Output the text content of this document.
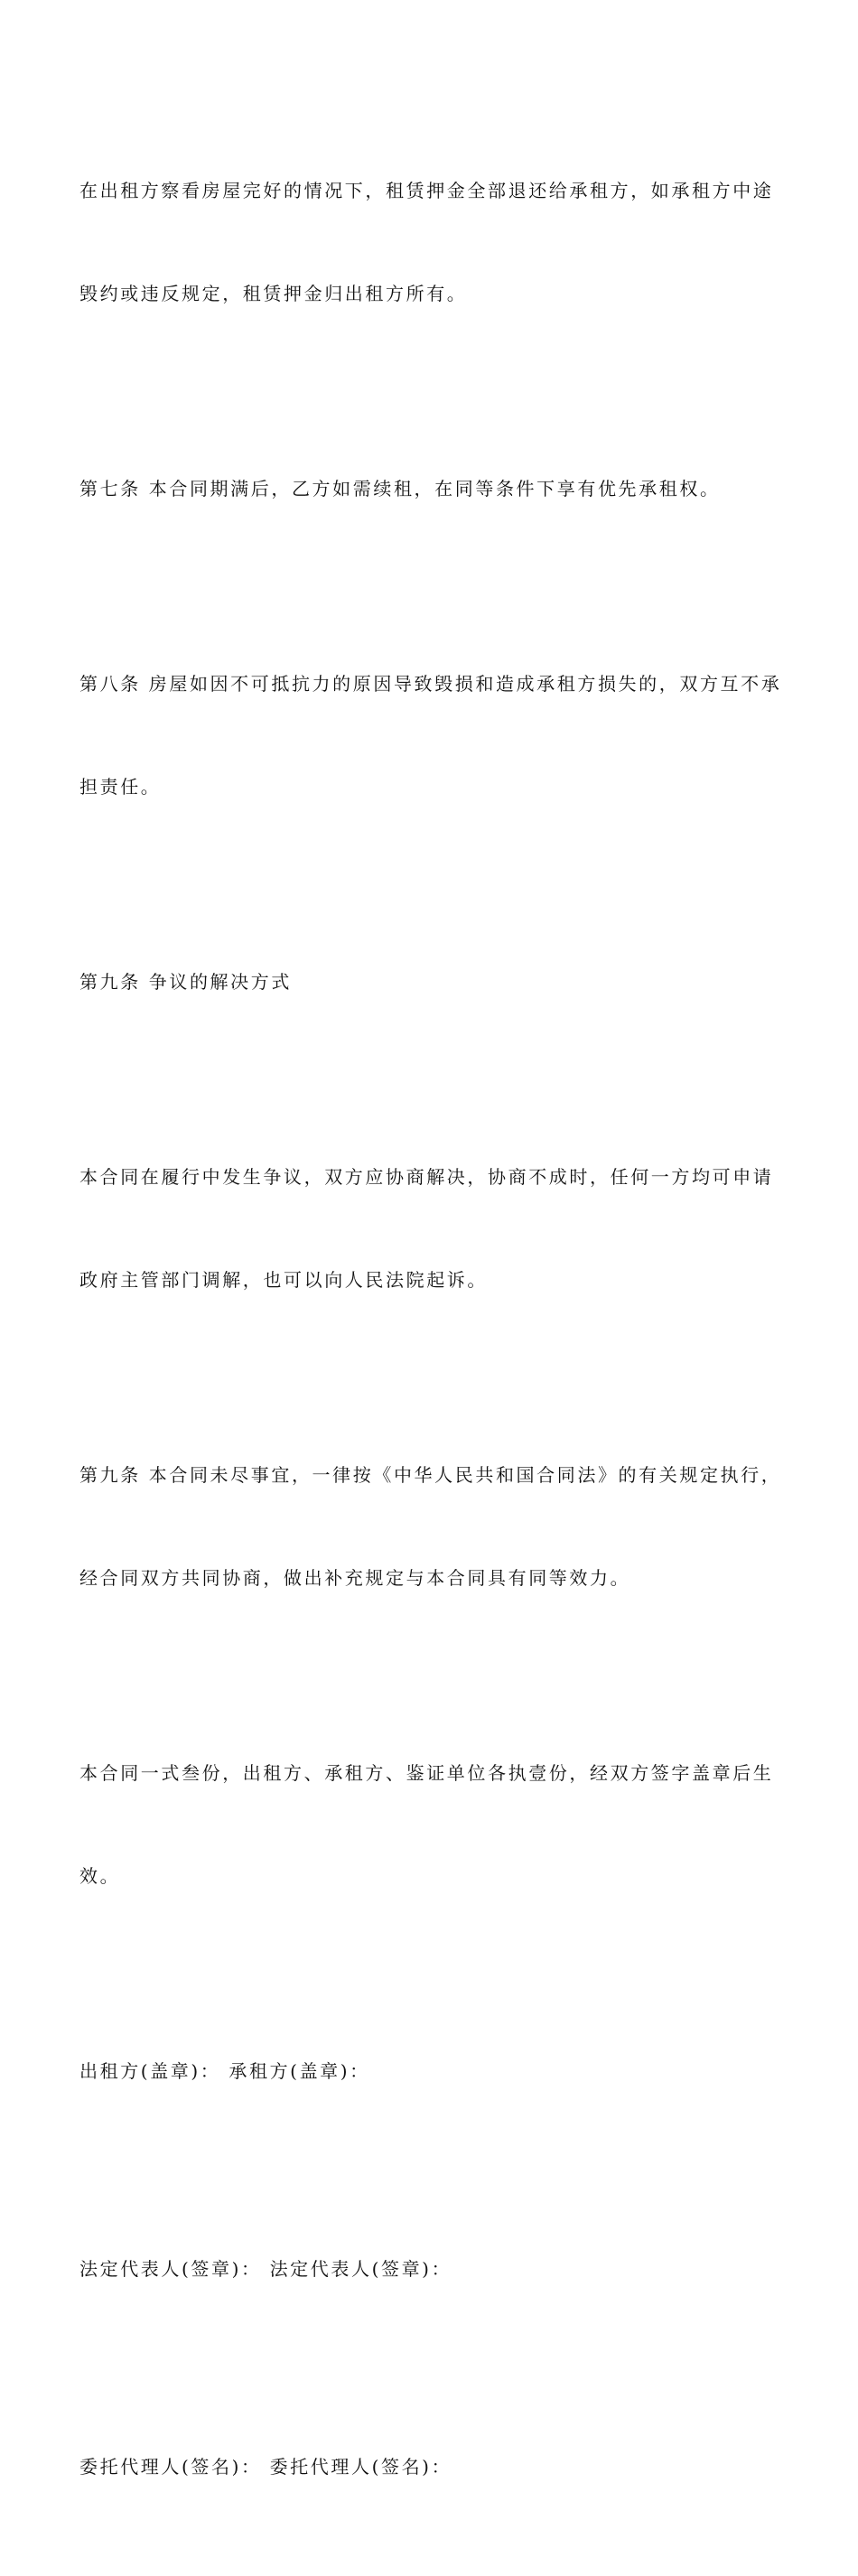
在出租方察看房屋完好的情况下，租赁押金全部退还给承租方，如承租方中途

毁约或违反规定，租赁押金归出租方所有。

第七条 本合同期满后，乙方如需续租，在同等条件下享有优先承租权。

第八条 房屋如因不可抵抗力的原因导致毁损和造成承租方损失的，双方互不承

担责任。

第九条 争议的解决方式

本合同在履行中发生争议，双方应协商解决，协商不成时，任何一方均可申请

政府主管部门调解，也可以向人民法院起诉。

第九条 本合同未尽事宜，一律按《中华人民共和国合同法》的有关规定执行，

经合同双方共同协商，做出补充规定与本合同具有同等效力。

本合同一式叁份，出租方、承租方、鉴证单位各执壹份，经双方签字盖章后生

效。

出租方(盖章)： 承租方(盖章)：

法定代表人(签章)： 法定代表人(签章)：

委托代理人(签名)： 委托代理人(签名)：
